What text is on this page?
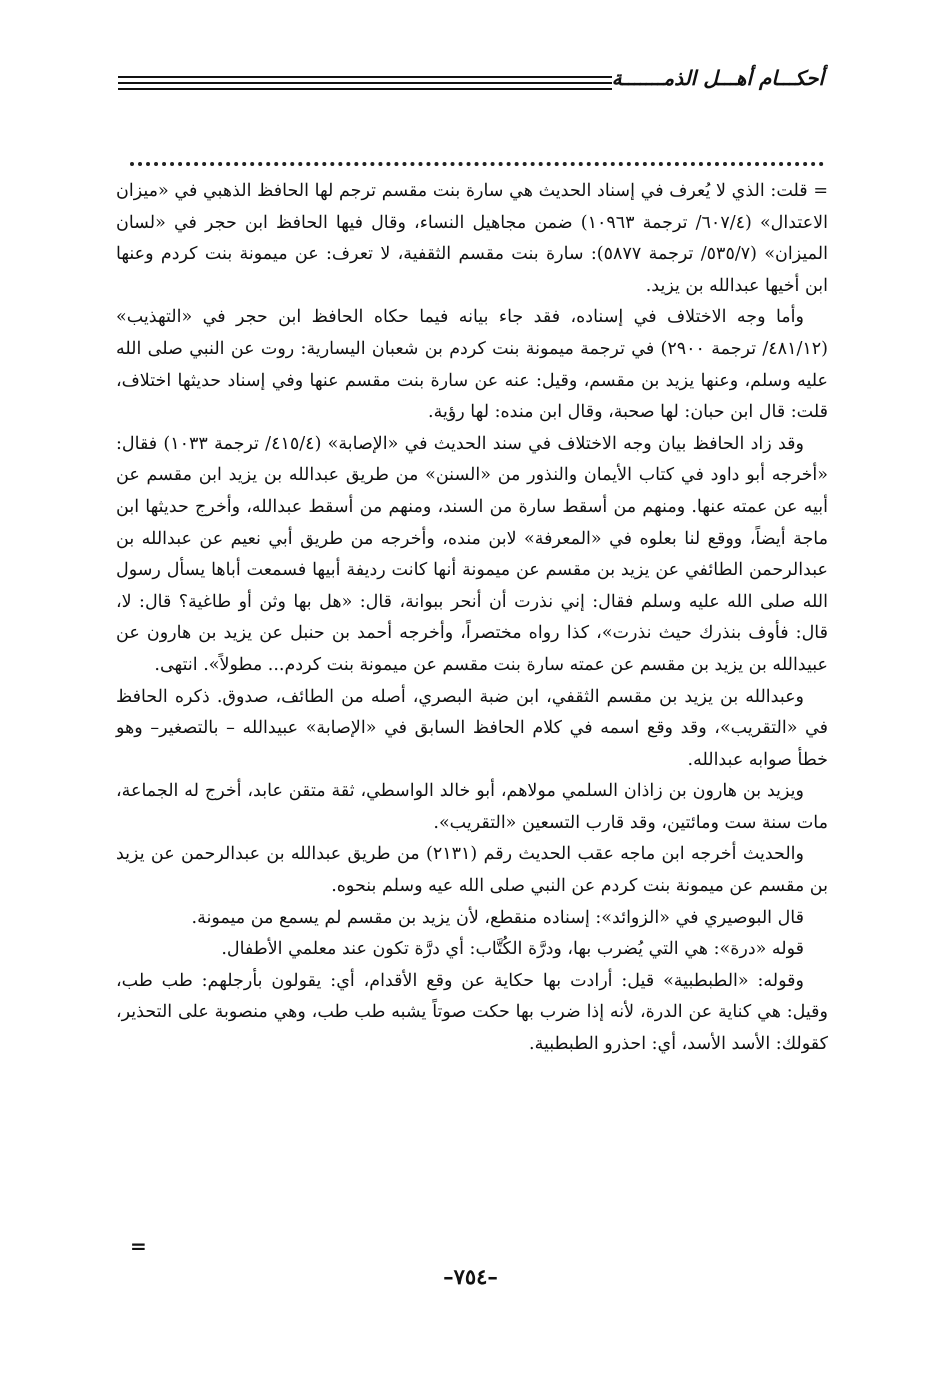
أحكـــام أهـــل الذمـــــــة

= قلت: الذي لا يُعرف في إسناد الحديث هي سارة بنت مقسم ترجم لها الحافظ الذهبي في «ميزان الاعتدال» (٦٠٧/٤/ ترجمة ١٠٩٦٣) ضمن مجاهيل النساء، وقال فيها الحافظ ابن حجر في «لسان الميزان» (٥٣٥/٧/ ترجمة ٥٨٧٧): سارة بنت مقسم الثقفية، لا تعرف: عن ميمونة بنت كردم وعنها ابن أخيها عبدالله بن يزيد.

وأما وجه الاختلاف في إسناده، فقد جاء بيانه فيما حكاه الحافظ ابن حجر في «التهذيب» (٤٨١/١٢/ ترجمة ٢٩٠٠) في ترجمة ميمونة بنت كردم بن شعبان اليسارية: روت عن النبي صلى الله عليه وسلم، وعنها يزيد بن مقسم، وقيل: عنه عن سارة بنت مقسم عنها وفي إسناد حديثها اختلاف، قلت: قال ابن حبان: لها صحبة، وقال ابن منده: لها رؤية.

وقد زاد الحافظ بيان وجه الاختلاف في سند الحديث في «الإصابة» (٤١٥/٤/ ترجمة ١٠٣٣) فقال: «أخرجه أبو داود في كتاب الأيمان والنذور من «السنن» من طريق عبدالله بن يزيد ابن مقسم عن أبيه عن عمته عنها. ومنهم من أسقط سارة من السند، ومنهم من أسقط عبدالله، وأخرج حديثها ابن ماجة أيضاً، ووقع لنا بعلوه في «المعرفة» لابن منده، وأخرجه من طريق أبي نعيم عن عبدالله بن عبدالرحمن الطائفي عن يزيد بن مقسم عن ميمونة أنها كانت رديفة أبيها فسمعت أباها يسأل رسول الله صلى الله عليه وسلم فقال: إني نذرت أن أنحر ببوانة، قال: «هل بها وثن أو طاغية؟ قال: لا، قال: فأوف بنذرك حيث نذرت»، كذا رواه مختصراً، وأخرجه أحمد بن حنبل عن يزيد بن هارون عن عبيدالله بن يزيد بن مقسم عن عمته سارة بنت مقسم عن ميمونة بنت كردم... مطولاً». انتهى.

وعبدالله بن يزيد بن مقسم الثقفي، ابن ضبة البصري، أصله من الطائف، صدوق. ذكره الحافظ في «التقريب»، وقد وقع اسمه في كلام الحافظ السابق في «الإصابة» عبيدالله – بالتصغير– وهو خطأ صوابه عبدالله.

ويزيد بن هارون بن زاذان السلمي مولاهم، أبو خالد الواسطي، ثقة متقن عابد، أخرج له الجماعة، مات سنة ست ومائتين، وقد قارب التسعين «التقريب».

والحديث أخرجه ابن ماجه عقب الحديث رقم (٢١٣١) من طريق عبدالله بن عبدالرحمن عن يزيد بن مقسم عن ميمونة بنت كردم عن النبي صلى الله عيه وسلم بنحوه.

قال البوصيري في «الزوائد»: إسناده منقطع، لأن يزيد بن مقسم لم يسمع من ميمونة.

قوله «درة»: هي التي يُضرب بها، ودرَّة الكُتَّاب: أي درَّة تكون عند معلمي الأطفال.

وقوله: «الطبطبية» قيل: أرادت بها حكاية عن وقع الأقدام، أي: يقولون بأرجلهم: طب طب، وقيل: هي كناية عن الدرة، لأنه إذا ضرب بها حكت صوتاً يشبه طب طب، وهي منصوبة على التحذير، كقولك: الأسد الأسد، أي: احذرو الطبطبية.

=
–٧٥٤–
